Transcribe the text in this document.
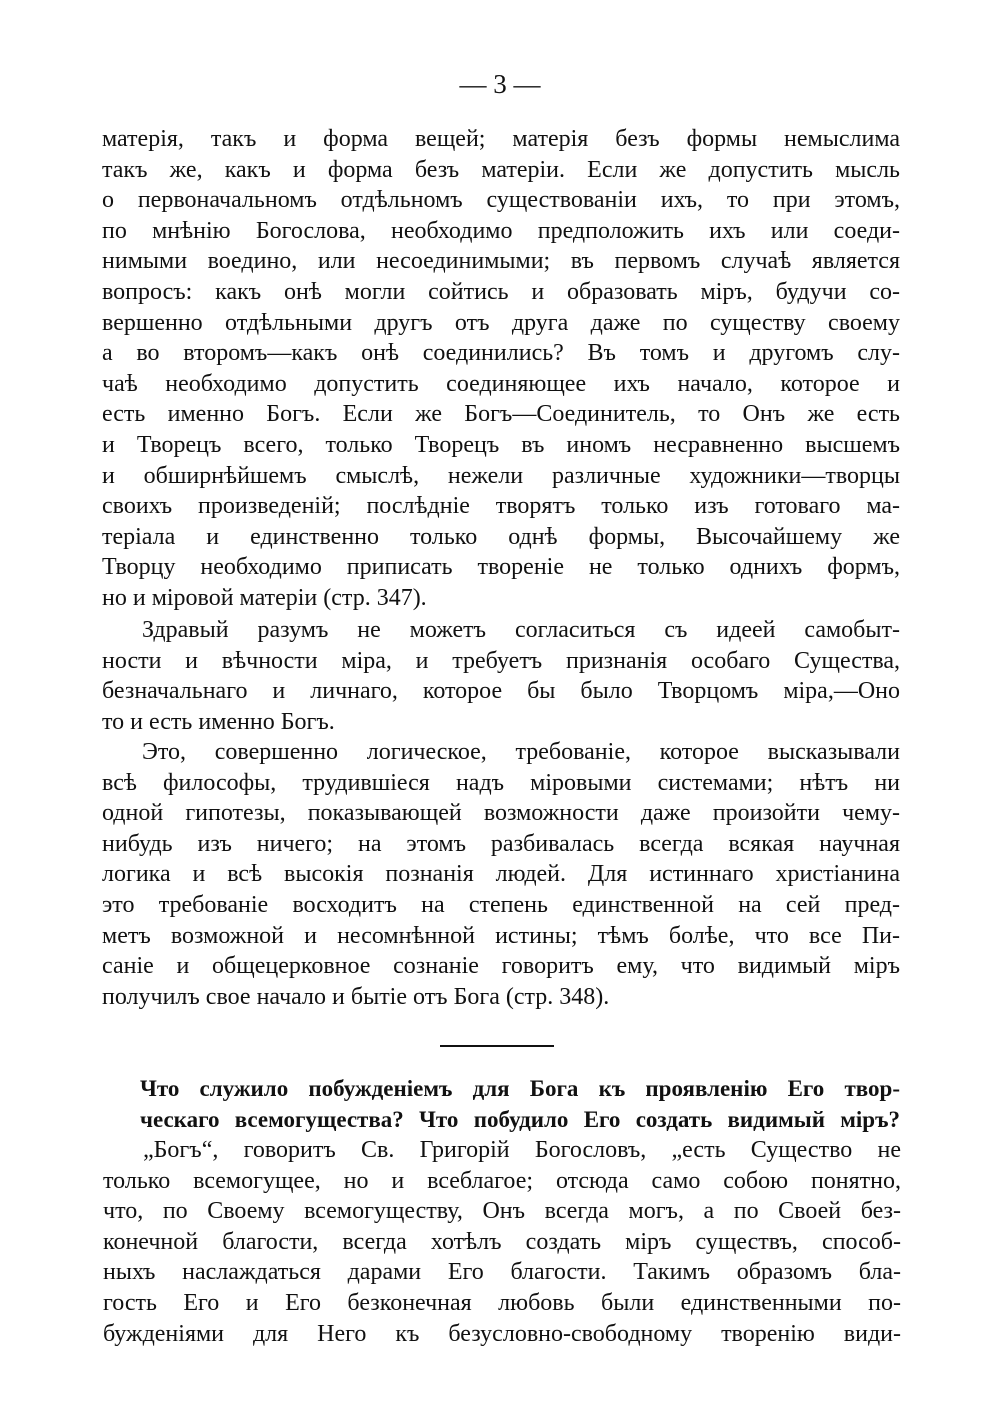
— 3 —
матерія, такъ и форма вещей; матерія безъ формы немыслима
такъ же, какъ и форма безъ матеріи. Если же допустить мысль
о первоначальномъ отдѣльномъ существованіи ихъ, то при этомъ,
по мнѣнію Богослова, необходимо предположить ихъ или соеди-
нимыми воедино, или несоединимыми; въ первомъ случаѣ является
вопросъ: какъ онѣ могли сойтись и образовать міръ, будучи со-
вершенно отдѣльными другъ отъ друга даже по существу своему
а во второмъ—какъ онѣ соединились? Въ томъ и другомъ слу-
чаѣ необходимо допустить соединяющее ихъ начало, которое и
есть именно Богъ. Если же Богъ—Соединитель, то Онъ же есть
и Творецъ всего, только Творецъ въ иномъ несравненно высшемъ
и обширнѣйшемъ смыслѣ, нежели различные художники—творцы
своихъ произведеній; послѣдніе творятъ только изъ готоваго ма-
теріала и единственно только однѣ формы, Высочайшему же
Творцу необходимо приписать твореніе не только однихъ формъ,
но и міровой матеріи (стр. 347).
Здравый разумъ не можетъ согласиться съ идеей самобыт-
ности и вѣчности міра, и требуетъ признанія особаго Существа,
безначальнаго и личнаго, которое бы было Творцомъ міра,—Оно
то и есть именно Богъ.
Это, совершенно логическое, требованіе, которое высказывали
всѣ философы, трудившіеся надъ міровыми системами; нѣтъ ни
одной гипотезы, показывающей возможности даже произойти чему-
нибудь изъ ничего; на этомъ разбивалась всегда всякая научная
логика и всѣ высокія познанія людей. Для истиннаго христіанина
это требованіе восходитъ на степень единственной на сей пред-
метъ возможной и несомнѣнной истины; тѣмъ болѣе, что все Пи-
саніе и общецерковное сознаніе говоритъ ему, что видимый міръ
получилъ свое начало и бытіе отъ Бога (стр. 348).
Что служило побужденіемъ для Бога къ проявленію Его твор-
ческаго всемогущества? Что побудило Его создать видимый міръ?
„Богъ“, говоритъ Св. Григорій Богословъ, „есть Существо не
только всемогущее, но и всеблагое; отсюда само собою понятно,
что, по Своему всемогуществу, Онъ всегда могъ, а по Своей без-
конечной благости, всегда хотѣлъ создать міръ существъ, способ-
ныхъ наслаждаться дарами Его благости. Такимъ образомъ бла-
гость Его и Его безконечная любовь были единственными по-
бужденіями для Него къ безусловно-свободному творенію види-
